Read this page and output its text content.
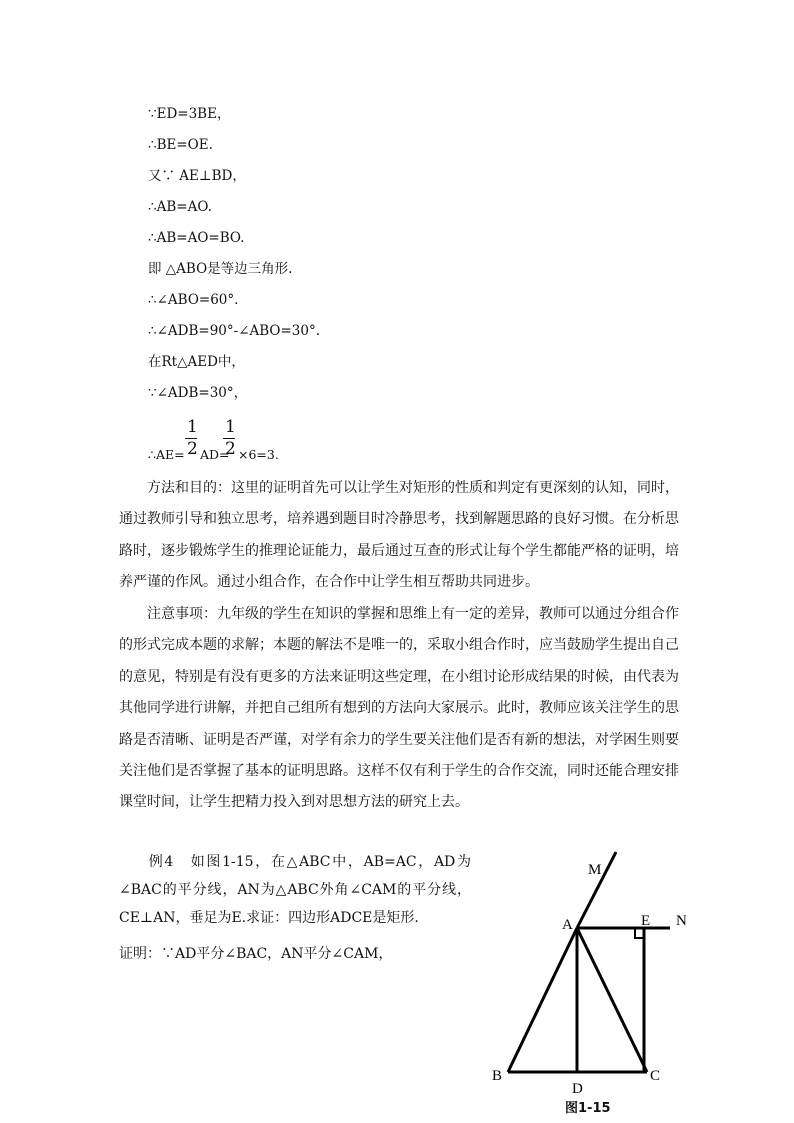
∵ED=3BE，
∴BE=OE.
又∵ AE⊥BD，
∴AB=AO.
∴AB=AO=BO.
即 △ABO是等边三角形.
∴∠ABO=60°.
∴∠ADB=90°-∠ABO=30°.
在Rt△AED中，
∵∠ADB=30°，
∴AE=
1
2 AD=
1
2 ×6=3.
方法和目的：这里的证明首先可以让学生对矩形的性质和判定有更深刻的认知，同时，通过教师引导和独立思考，培养遇到题目时冷静思考，找到解题思路的良好习惯。在分析思路时，逐步锻炼学生的推理论证能力，最后通过互查的形式让每个学生都能严格的证明，培养严谨的作风。通过小组合作，在合作中让学生相互帮助共同进步。
注意事项：九年级的学生在知识的掌握和思维上有一定的差异，教师可以通过分组合作的形式完成本题的求解；本题的解法不是唯一的，采取小组合作时，应当鼓励学生提出自己的意见，特别是有没有更多的方法来证明这些定理，在小组讨论形成结果的时候，由代表为其他同学进行讲解，并把自己组所有想到的方法向大家展示。此时，教师应该关注学生的思路是否清晰、证明是否严谨，对学有余力的学生要关注他们是否有新的想法，对学困生则要关注他们是否掌握了基本的证明思路。这样不仅有利于学生的合作交流，同时还能合理安排课堂时间，让学生把精力投入到对思想方法的研究上去。
例4　如图1-15，在△ABC中，AB=AC，AD为∠BAC的平分线，AN为△ABC外角∠CAM的平分线，CE⊥AN，垂足为E.求证：四边形ADCE是矩形.
证明：∵AD平分∠BAC，AN平分∠CAM，
M
A	E N
B
D
C
图1-15
